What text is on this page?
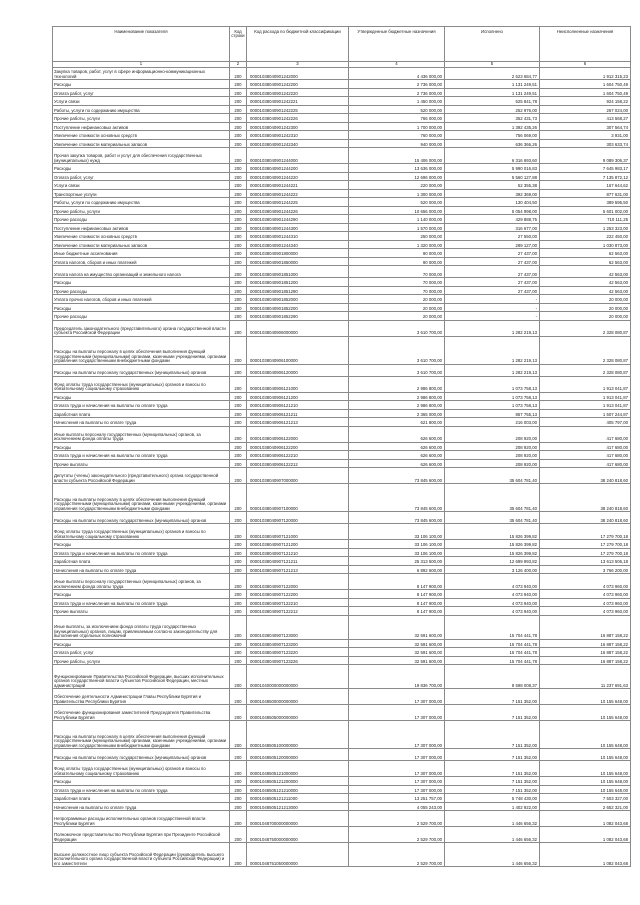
Наименование показателя	Код строки	Код расхода по бюджетной классификации	Утвержденные бюджетные назначения	Исполнено	Неисполненные назначения
1	2	3	4	5	6
Закупка товаров, работ, услуг в сфере информационно-коммуникационных технологий	200	00001038040901242000	4 436 000,00	2 523 684,77	1 912 315,23
Расходы	200	00001038040901242200	2 736 000,00	1 131 249,51	1 604 750,49
Оплата работ, услуг	200	00001038040901242220	2 736 000,00	1 131 249,51	1 604 750,49
Услуги связи	200	00001038040901242221	1 450 000,00	525 841,78	924 158,22
Работы, услуги по содержанию имущества	200	00001038040901242225	520 000,00	252 976,00	267 024,00
Прочие работы, услуги	200	00001038040901242226	766 000,00	352 431,73	413 568,27
Поступление нефинансовых активов	200	00001038040901242300	1 700 000,00	1 392 435,26	307 564,74
Увеличение стоимости основных средств	200	00001038040901242310	760 000,00	756 069,00	3 931,00
Увеличение стоимости материальных запасов	200	00001038040901242340	940 000,00	636 366,26	303 633,74
Прочая закупка товаров, работ и услуг для обеспечения государственных (муниципальных) нужд	200	00001038040901244000	15 406 000,00	6 316 693,60	9 089 306,37
Расходы	200	00001038040901244200	13 636 000,00	5 990 016,83	7 645 983,17
Оплата работ, услуг	200	00001038040901244220	12 696 000,00	5 560 127,88	7 135 872,12
Услуги связи	200	00001038040901244221	220 000,00	52 355,38	167 644,62
Транспортные услуги	200	00001038040901244222	1 300 000,00	392 369,00	877 631,00
Работы, услуги по содержанию имущества	200	00001038040901244225	520 000,00	130 404,50	389 595,50
Прочие работы, услуги	200	00001038040901244226	10 656 000,00	5 054 998,00	5 601 002,00
Прочие расходы	200	00001038040901244290	1 140 000,00	429 888,75	710 111,25
Поступление нефинансовых активов	200	00001038040901244300	1 570 000,00	316 677,00	1 253 323,00
Увеличение стоимости основных средств	200	00001038040901244310	250 000,00	27 550,00	222 450,00
Увеличение стоимости материальных запасов	200	00001038040901244340	1 320 000,00	289 127,00	1 030 873,00
Иные бюджетные ассигнования	200	00001038040901800000	90 000,00	27 437,00	62 563,00
Уплата налогов, сборов и иных платежей	200	00001038040901850000	90 000,00	27 437,00	62 563,00
Уплата налога на имущество организаций и земельного налога	200	00001038040901851000	70 000,00	27 437,00	42 563,00
Расходы	200	00001038040901851200	70 000,00	27 437,00	42 563,00
Прочие расходы	200	00001038040901851290	70 000,00	27 437,00	42 563,00
Уплата прочих налогов, сборов и иных платежей	200	00001038040901852000	20 000,00	-	20 000,00
Расходы	200	00001038040901852200	20 000,00	-	20 000,00
Прочие расходы	200	00001038040901852290	20 000,00	-	20 000,00
Председатель законодательного (представительного) органа государственной власти субъекта Российской Федерации	200	00001038040906000000	3 610 700,00	1 282 219,13	2 328 080,87
Расходы на выплаты персоналу в целях обеспечения выполнения функций государственными (муниципальными) органами, казенными учреждениями, органами управления государственными внебюджетными фондами	200	00001038040906100000	3 610 700,00	1 282 219,13	2 328 080,87
Расходы на выплаты персоналу государственных (муниципальных) органов	200	00001038040906120000	3 610 700,00	1 282 219,13	2 328 080,87
Фонд оплаты труда государственных (муниципальных) органов и взносы по обязательному социальному страхованию	200	00001038040906121000	2 986 800,00	1 073 758,13	1 913 041,87
Расходы	200	00001038040906121200	2 986 800,00	1 073 758,13	1 913 041,87
Оплата труда и начисления на выплаты по оплате труда	200	00001038040906121210	2 986 800,00	1 073 758,13	1 913 041,87
Заработная плата	200	00001038040906121211	2 365 000,00	857 755,13	1 507 244,87
Начисления на выплаты по оплате труда	200	00001038040906121213	621 800,00	216 003,00	405 797,00
Иные выплаты персоналу государственных (муниципальных) органов, за исключением фонда оплаты труда	200	00001038040906122000	626 600,00	208 920,00	417 680,00
Расходы	200	00001038040906122200	626 600,00	208 920,00	417 680,00
Оплата труда и начисления на выплаты по оплате труда	200	00001038040906122210	626 600,00	208 920,00	417 680,00
Прочие выплаты	200	00001038040906122212	626 600,00	208 920,00	417 680,00
Депутаты (члены) законодательного (представительного) органа государственной власти субъекта Российской Федерации	200	00001038040907000000	73 845 600,00	35 604 781,40	38 240 818,60
Расходы на выплаты персоналу в целях обеспечения выполнения функций государственными (муниципальными) органами, казенными учреждениями, органами управления государственными внебюджетными фондами	200	00001038040907100000	73 845 600,00	35 604 781,40	38 240 818,60
Расходы на выплаты персоналу государственных (муниципальных) органов	200	00001038040907120000	73 845 600,00	35 604 781,40	38 240 818,60
Фонд оплаты труда государственных (муниципальных) органов и взносы по обязательному социальному страхованию	200	00001038040907121000	33 106 100,00	15 826 399,82	17 279 700,18
Расходы	200	00001038040907121200	33 106 100,00	15 826 399,82	17 279 700,18
Оплата труда и начисления на выплаты по оплате труда	200	00001038040907121210	33 106 100,00	15 826 399,82	17 279 700,18
Заработная плата	200	00001038040907121211	25 313 500,00	12 699 993,82	13 613 506,18
Начисления на выплаты по оплате труда	200	00001038040907121213	6 892 600,00	3 126 400,00	3 766 200,00
Иные выплаты персоналу государственных (муниципальных) органов, за исключением фонда оплаты труда	200	00001038040907122000	8 147 900,00	4 073 940,00	4 073 960,00
Расходы	200	00001038040907122200	8 147 900,00	4 073 940,00	4 073 960,00
Оплата труда и начисления на выплаты по оплате труда	200	00001038040907122210	8 147 900,00	4 073 940,00	4 073 960,00
Прочие выплаты	200	00001038040907122212	8 147 900,00	4 073 940,00	4 073 960,00
Иные выплаты, за исключением фонда оплаты труда государственных (муниципальных) органов, лицам, привлекаемым согласно законодательству для выполнения отдельных полномочий	200	00001038040907123000	32 591 600,00	15 704 441,78	16 887 158,22
Расходы	200	00001038040907123200	32 591 600,00	15 704 441,78	16 887 158,22
Оплата работ, услуг	200	00001038040907123220	32 591 600,00	15 704 441,78	16 887 158,22
Прочие работы, услуги	200	00001038040907123226	32 591 600,00	15 704 441,78	16 887 158,22
Функционирование Правительства Российской Федерации, высших исполнительных органов государственной власти субъектов Российской Федерации, местных администраций	200	00001040000000000000	19 836 700,00	8 598 008,37	11 237 691,63
Обеспечение деятельности Администрации Главы Республики Бурятия и Правительства Республики Бурятия	200	00001048500000000000	17 307 000,00	7 151 352,00	10 155 648,00
Обеспечение функционирования заместителей Председателя Правительства Республики Бурятия	200	00001048505000000000	17 307 000,00	7 151 352,00	10 155 648,00
Расходы на выплаты персоналу в целях обеспечения выполнения функций государственными (муниципальными) органами, казенными учреждениями, органами управления государственными внебюджетными фондами	200	00001048505100000000	17 307 000,00	7 151 352,00	10 155 648,00
Расходы на выплаты персоналу государственных (муниципальных) органов	200	00001048505120000000	17 307 000,00	7 151 352,00	10 155 648,00
Фонд оплаты труда государственных (муниципальных) органов и взносы по обязательному социальному страхованию	200	00001048505121000000	17 307 000,00	7 151 352,00	10 155 648,00
Расходы	200	00001048505121200000	17 307 000,00	7 151 352,00	10 155 648,00
Оплата труда и начисления на выплаты по оплате труда	200	00001048505121210000	17 307 000,00	7 151 352,00	10 155 648,00
Заработная плата	200	00001048505121211000	13 251 757,00	5 748 430,00	7 503 327,00
Начисления на выплаты по оплате труда	200	00001048505121213000	4 055 243,00	1 402 922,00	2 652 321,00
Непрограммные расходы исполнительных органов государственной власти Республики Бурятия	200	00001048700000000000	2 529 700,00	1 446 656,32	1 082 043,68
Полномочное представительство Республики Бурятия при Президенте Российской Федерации	200	00001048750000000000	2 529 700,00	1 446 656,32	1 082 043,68
Высшее должностное лицо субъекта Российской Федерации (руководитель высшего исполнительного органа государственной власти субъекта Российской Федерации) и его заместители	200	00001048751050000000	2 529 700,00	1 446 656,32	1 082 043,68
